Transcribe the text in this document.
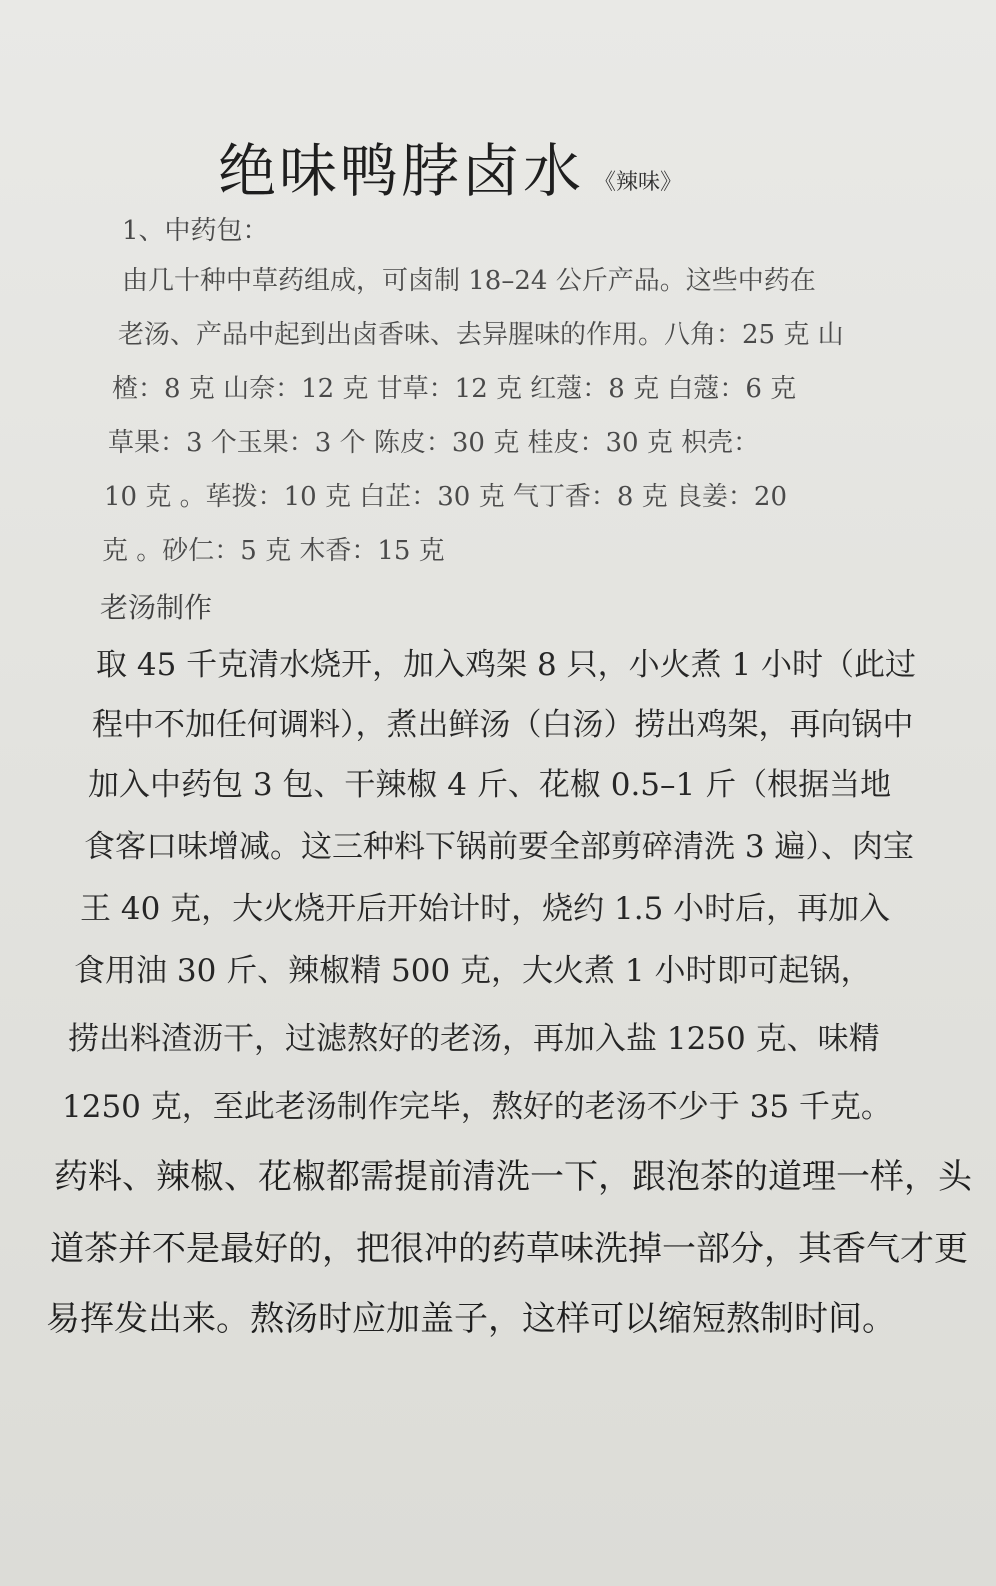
绝味鸭脖卤水 《辣味》

1、中药包：

由几十种中草药组成，可卤制 18–24 公斤产品。这些中药在

老汤、产品中起到出卤香味、去异腥味的作用。八角：25 克 山

楂：8 克 山奈：12 克 甘草：12 克 红蔻：8 克 白蔻：6 克

草果：3 个玉果：3 个 陈皮：30 克 桂皮：30 克 枳壳：

10 克 。荜拨：10 克 白芷：30 克 气丁香：8 克 良姜：20

克 。砂仁：5 克 木香：15 克

老汤制作

取 45 千克清水烧开，加入鸡架 8 只，小火煮 1 小时（此过

程中不加任何调料），煮出鲜汤（白汤）捞出鸡架，再向锅中

加入中药包 3 包、干辣椒 4 斤、花椒 0.5–1 斤（根据当地

食客口味增减。这三种料下锅前要全部剪碎清洗 3 遍）、肉宝

王 40 克，大火烧开后开始计时，烧约 1.5 小时后，再加入

食用油 30 斤、辣椒精 500 克，大火煮 1 小时即可起锅，

捞出料渣沥干，过滤熬好的老汤，再加入盐 1250 克、味精

1250 克，至此老汤制作完毕，熬好的老汤不少于 35 千克。

药料、辣椒、花椒都需提前清洗一下，跟泡茶的道理一样，头

道茶并不是最好的，把很冲的药草味洗掉一部分，其香气才更

易挥发出来。熬汤时应加盖子，这样可以缩短熬制时间。
